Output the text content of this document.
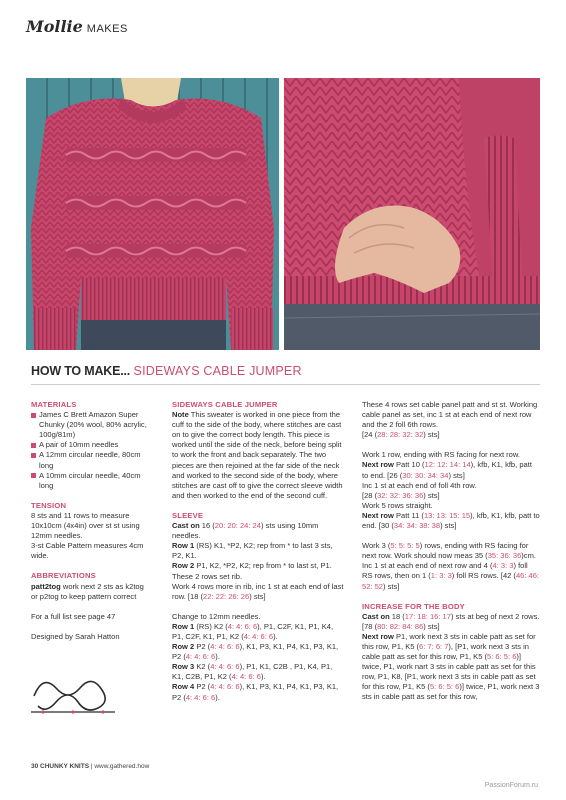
Mollie MAKES
HOW TO MAKE... SIDEWAYS CABLE JUMPER
MATERIALS
James C Brett Amazon Super Chunky (20% wool, 80% acrylic, 100g/81m)
A pair of 10mm needles
A 12mm circular needle, 80cm long
A 10mm circular needle, 40cm long
TENSION
8 sts and 11 rows to measure 10x10cm (4x4in) over st st using 12mm needles.
3-st Cable Pattern measures 4cm wide.
ABBREVIATIONS
patt2tog work next 2 sts as k2tog or p2tog to keep pattern correct
For a full list see page 47
Designed by Sarah Hatton
SIDEWAYS CABLE JUMPER
Note This sweater is worked in one piece from the cuff to the side of the body, where stitches are cast on to give the correct body length. This piece is worked until the side of the neck, before being split to work the front and back separately. The two pieces are then rejoined at the far side of the neck and worked to the second side of the body, where stitches are cast off to give the correct sleeve width and then worked to the end of the second cuff.
SLEEVE
Cast on 16 (20: 20: 24: 24) sts using 10mm needles.
Row 1 (RS) K1, *P2, K2; rep from * to last 3 sts, P2, K1.
Row 2 P1, K2, *P2, K2; rep from * to last st, P1.
These 2 rows set rib.
Work 4 rows more in rib, inc 1 st at each end of last row. [18 (22: 22: 26: 26) sts]
Change to 12mm needles.
Row 1 (RS) K2 (4: 4: 6: 6), P1, C2F, K1, P1, K4, P1, C2F, K1, P1, K2 (4: 4: 6: 6).
Row 2 P2 (4: 4: 6: 6), K1, P3, K1, P4, K1, P3, K1, P2 (4: 4: 6: 6).
Row 3 K2 (4: 4: 6: 6), P1, K1, C2B , P1, K4, P1, K1, C2B, P1, K2 (4: 4: 6: 6).
Row 4 P2 (4: 4: 6: 6), K1, P3, K1, P4, K1, P3, K1, P2 (4: 4: 6: 6).
These 4 rows set cable panel patt and st st. Working cable panel as set, inc 1 st at each end of next row and the 2 foll 6th rows.
[24 (28: 28: 32: 32) sts]
Work 1 row, ending with RS facing for next row.
Next row Patt 10 (12: 12: 14: 14), kfb, K1, kfb, patt to end. [26 (30: 30: 34: 34) sts]
Inc 1 st at each end of foll 4th row.
[28 (32: 32: 36: 36) sts]
Work 5 rows straight.
Next row Patt 11 (13: 13: 15: 15), kfb, K1, kfb, patt to end. [30 (34: 34: 38: 38) sts]
Work 3 (5: 5: 5: 5) rows, ending with RS facing for next row. Work should now meas 35 (35: 36: 36)cm.
Inc 1 st at each end of next row and 4 (4: 3: 3) foll RS rows, then on 1 (1: 3: 3) foll RS rows. [42 (46: 46: 52: 52) sts]
INCREASE FOR THE BODY
Cast on 18 (17: 18: 16: 17) sts at beg of next 2 rows. [78 (80: 82: 84: 86) sts]
Next row P1, work next 3 sts in cable patt as set for this row, P1, K5 (6: 7: 6: 7), [P1, work next 3 sts in cable patt as set for this row, P1, K5 (5: 6: 5: 6)] twice, P1, work nart 3 sts in cable patt as set for this row, P1, K8, [P1, work next 3 sts in cable patt as set for this row, P1, K5 (5: 6: 5: 6)] twice, P1, work next 3 sts in cable patt as set for this row,
30 CHUNKY KNITS | www.gathered.how
PassionForum.ru
